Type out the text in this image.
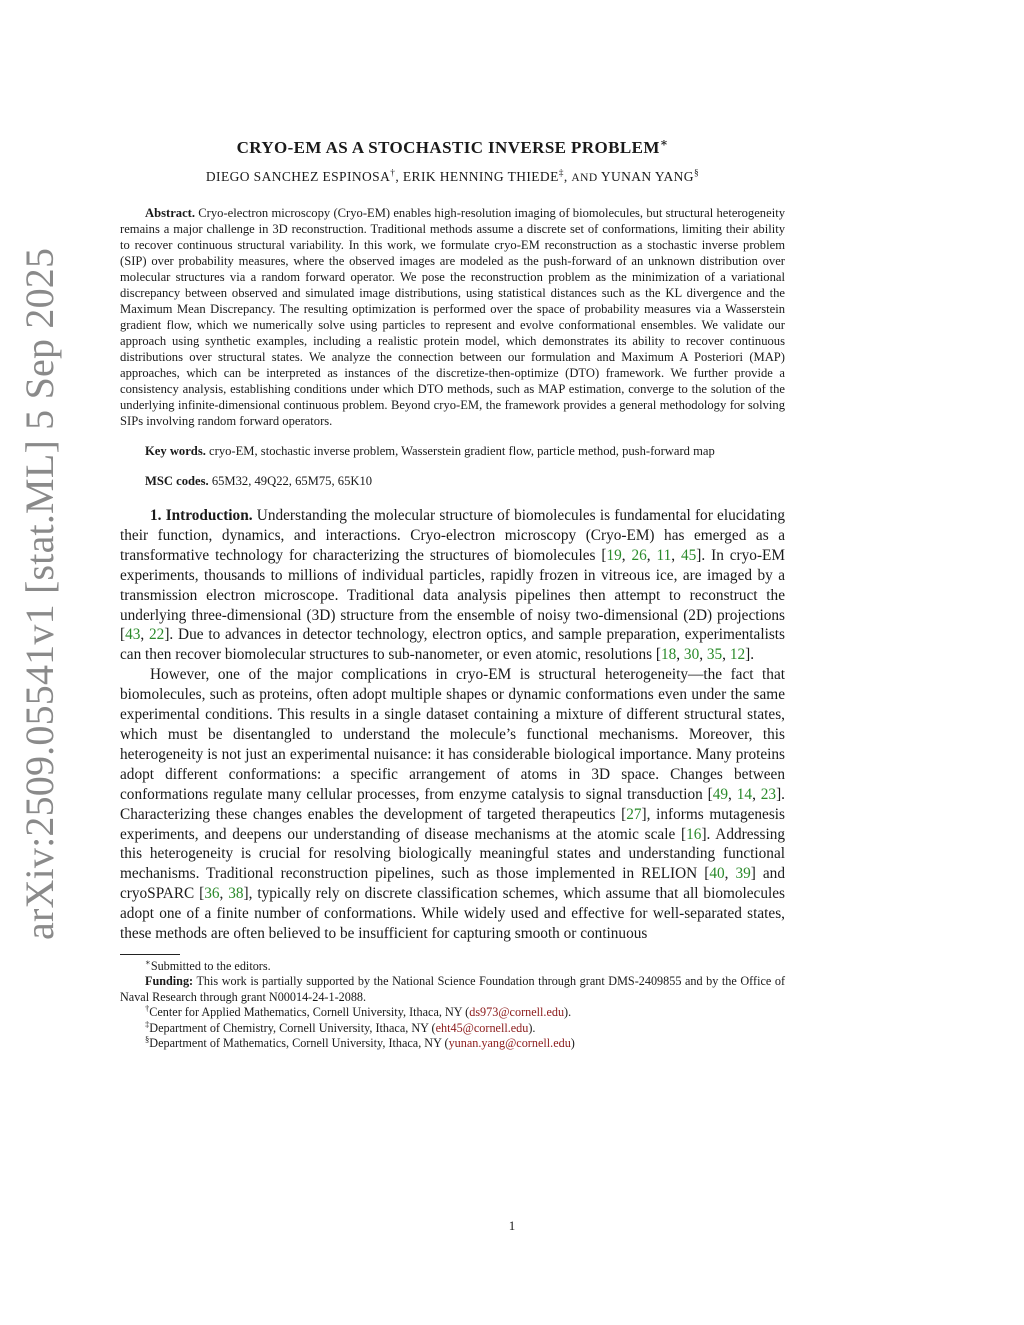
arXiv:2509.05541v1 [stat.ML] 5 Sep 2025
CRYO-EM AS A STOCHASTIC INVERSE PROBLEM∗
DIEGO SANCHEZ ESPINOSA†, ERIK HENNING THIEDE‡, AND YUNAN YANG§
Abstract. Cryo-electron microscopy (Cryo-EM) enables high-resolution imaging of biomolecules, but structural heterogeneity remains a major challenge in 3D reconstruction. Traditional methods assume a discrete set of conformations, limiting their ability to recover continuous structural variability. In this work, we formulate cryo-EM reconstruction as a stochastic inverse problem (SIP) over probability measures, where the observed images are modeled as the push-forward of an unknown distribution over molecular structures via a random forward operator. We pose the reconstruction problem as the minimization of a variational discrepancy between observed and simulated image distributions, using statistical distances such as the KL divergence and the Maximum Mean Discrepancy. The resulting optimization is performed over the space of probability measures via a Wasserstein gradient flow, which we numerically solve using particles to represent and evolve conformational ensembles. We validate our approach using synthetic examples, including a realistic protein model, which demonstrates its ability to recover continuous distributions over structural states. We analyze the connection between our formulation and Maximum A Posteriori (MAP) approaches, which can be interpreted as instances of the discretize-then-optimize (DTO) framework. We further provide a consistency analysis, establishing conditions under which DTO methods, such as MAP estimation, converge to the solution of the underlying infinite-dimensional continuous problem. Beyond cryo-EM, the framework provides a general methodology for solving SIPs involving random forward operators.
Key words. cryo-EM, stochastic inverse problem, Wasserstein gradient flow, particle method, push-forward map
MSC codes. 65M32, 49Q22, 65M75, 65K10

1. Introduction. Understanding the molecular structure of biomolecules is fundamental for elucidating their function, dynamics, and interactions. Cryo-electron microscopy (Cryo-EM) has emerged as a transformative technology for characterizing the structures of biomolecules [19, 26, 11, 45]. In cryo-EM experiments, thousands to millions of individual particles, rapidly frozen in vitreous ice, are imaged by a transmission electron microscope. Traditional data analysis pipelines then attempt to reconstruct the underlying three-dimensional (3D) structure from the ensemble of noisy two-dimensional (2D) projections [43, 22]. Due to advances in detector technology, electron optics, and sample preparation, experimentalists can then recover biomolecular structures to sub-nanometer, or even atomic, resolutions [18, 30, 35, 12].

However, one of the major complications in cryo-EM is structural heterogeneity—the fact that biomolecules, such as proteins, often adopt multiple shapes or dynamic conformations even under the same experimental conditions. This results in a single dataset containing a mixture of different structural states, which must be disentangled to understand the molecule’s functional mechanisms. Moreover, this heterogeneity is not just an experimental nuisance: it has considerable biological importance. Many proteins adopt different conformations: a specific arrangement of atoms in 3D space. Changes between conformations regulate many cellular processes, from enzyme catalysis to signal transduction [49, 14, 23]. Characterizing these changes enables the development of targeted therapeutics [27], informs mutagenesis experiments, and deepens our understanding of disease mechanisms at the atomic scale [16]. Addressing this heterogeneity is crucial for resolving biologically meaningful states and understanding functional mechanisms. Traditional reconstruction pipelines, such as those implemented in RELION [40, 39] and cryoSPARC [36, 38], typically rely on discrete classification schemes, which assume that all biomolecules adopt one of a finite number of conformations. While widely used and effective for well-separated states, these methods are often believed to be insufficient for capturing smooth or continuous

∗Submitted to the editors.
Funding: This work is partially supported by the National Science Foundation through grant DMS-2409855 and by the Office of Naval Research through grant N00014-24-1-2088.
†Center for Applied Mathematics, Cornell University, Ithaca, NY (ds973@cornell.edu).
‡Department of Chemistry, Cornell University, Ithaca, NY (eht45@cornell.edu).
§Department of Mathematics, Cornell University, Ithaca, NY (yunan.yang@cornell.edu)
1
